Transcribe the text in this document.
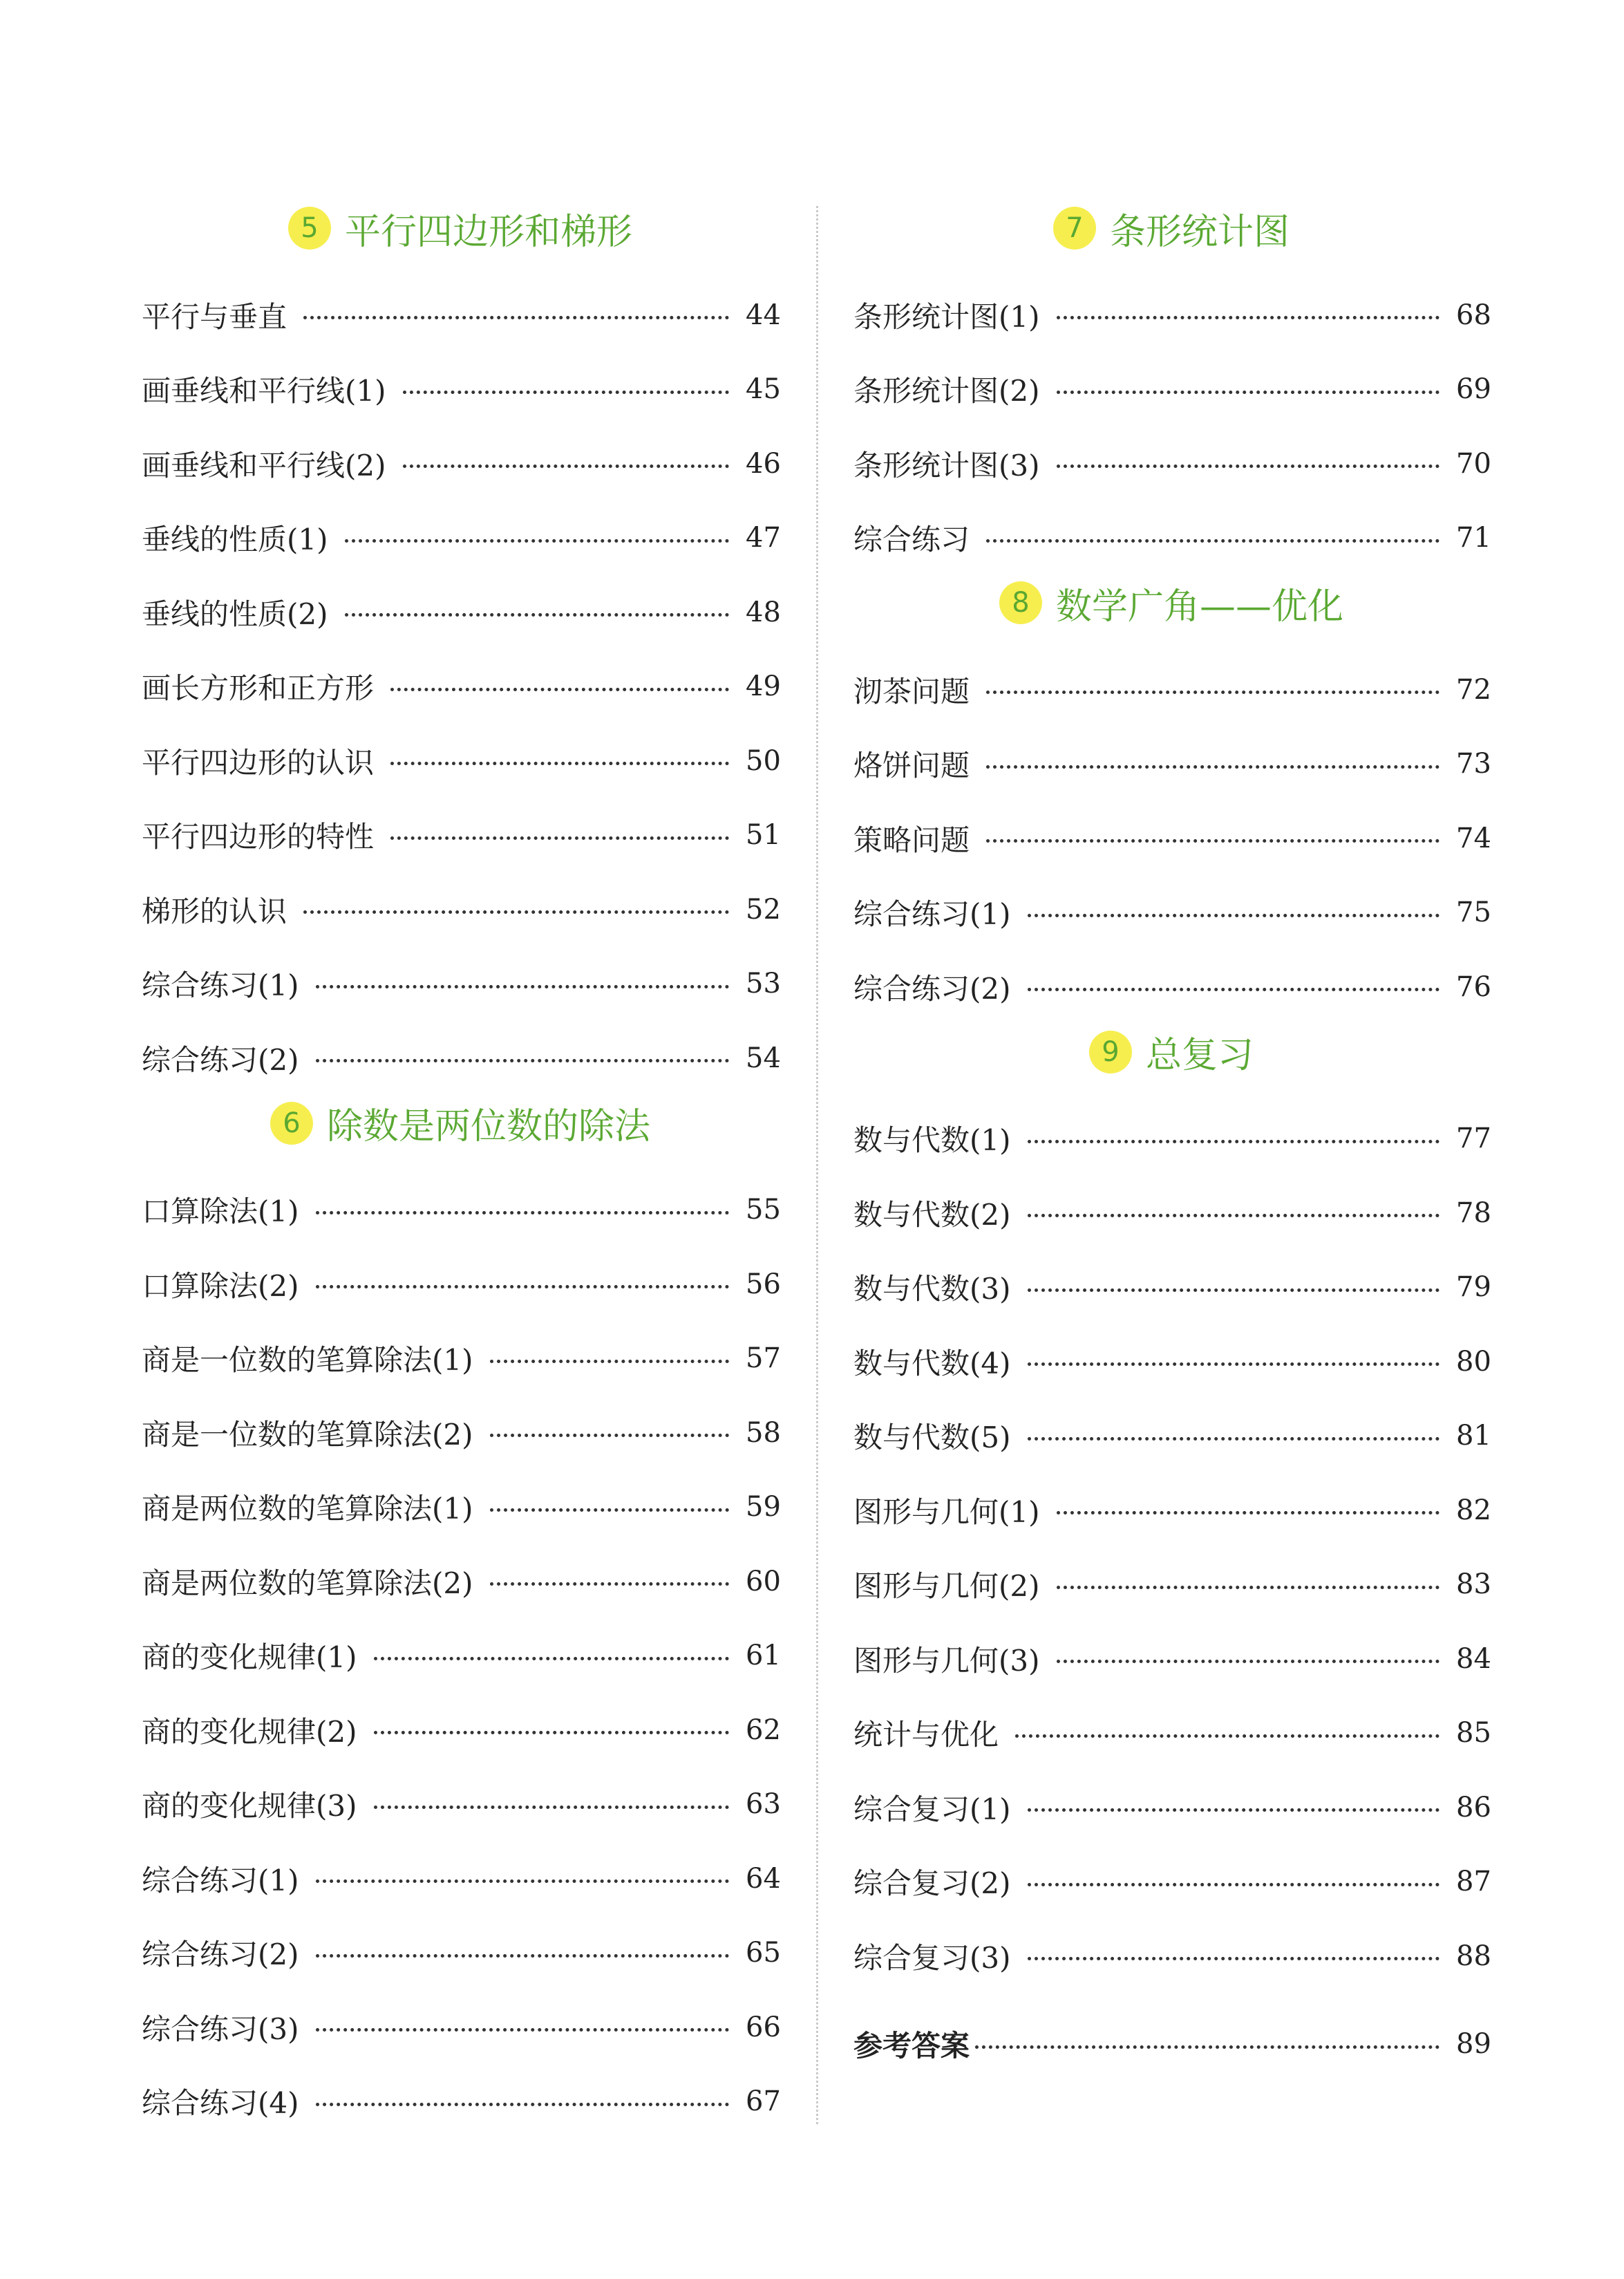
5 平行四边形和梯形
平行与垂直	44
画垂线和平行线(1)	45
画垂线和平行线(2)	46
垂线的性质(1)	47
垂线的性质(2)	48
画长方形和正方形	49
平行四边形的认识	50
平行四边形的特性	51
梯形的认识	52
综合练习(1)	53
综合练习(2)	54
6 除数是两位数的除法
口算除法(1)	55
口算除法(2)	56
商是一位数的笔算除法(1)	57
商是一位数的笔算除法(2)	58
商是两位数的笔算除法(1)	59
商是两位数的笔算除法(2)	60
商的变化规律(1)	61
商的变化规律(2)	62
商的变化规律(3)	63
综合练习(1)	64
综合练习(2)	65
综合练习(3)	66
综合练习(4)	67
7 条形统计图
条形统计图(1)	68
条形统计图(2)	69
条形统计图(3)	70
综合练习	71
8 数学广角——优化
沏茶问题	72
烙饼问题	73
策略问题	74
综合练习(1)	75
综合练习(2)	76
9 总复习
数与代数(1)	77
数与代数(2)	78
数与代数(3)	79
数与代数(4)	80
数与代数(5)	81
图形与几何(1)	82
图形与几何(2)	83
图形与几何(3)	84
统计与优化	85
综合复习(1)	86
综合复习(2)	87
综合复习(3)	88
参考答案	89
